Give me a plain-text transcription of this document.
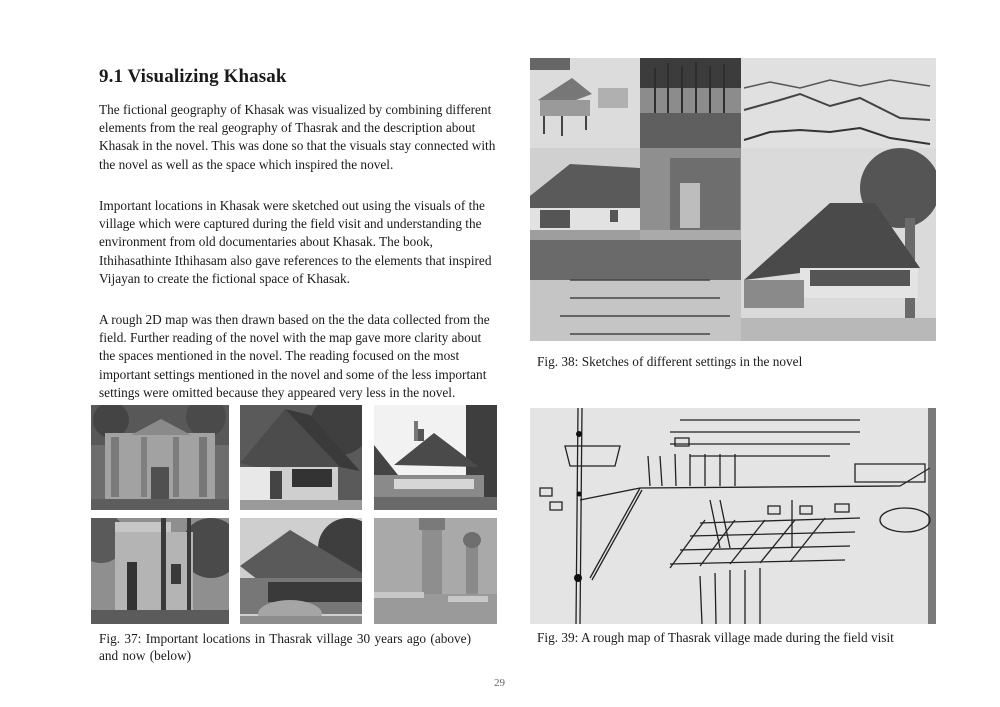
9.1 Visualizing Khasak

The fictional geography of Khasak was visualized by combining different elements from the real geography of Thasrak and the description about Khasak in the novel. This was done so that the visuals stay connected with the novel as well as the space which inspired the novel.

Important locations in Khasak were sketched out using the visuals of the village which were captured during the field visit and understanding the environment from old documentaries about Khasak. The book, Ithihasathinte Ithihasam also gave references to the elements that inspired Vijayan to create the fictional space of Khasak.

A rough 2D map was then drawn based on the the data collected from the field. Further reading of the novel with the map gave more clarity about the spaces mentioned in the novel. The reading focused on the most important settings mentioned in the novel and some of the less important settings were omitted because they appeared very less in the novel.

Fig. 37: Important locations in Thasrak village 30 years ago (above) and now (below)

Fig. 38: Sketches of different settings in the novel

Fig. 39: A rough map of Thasrak village made during the field visit

29
